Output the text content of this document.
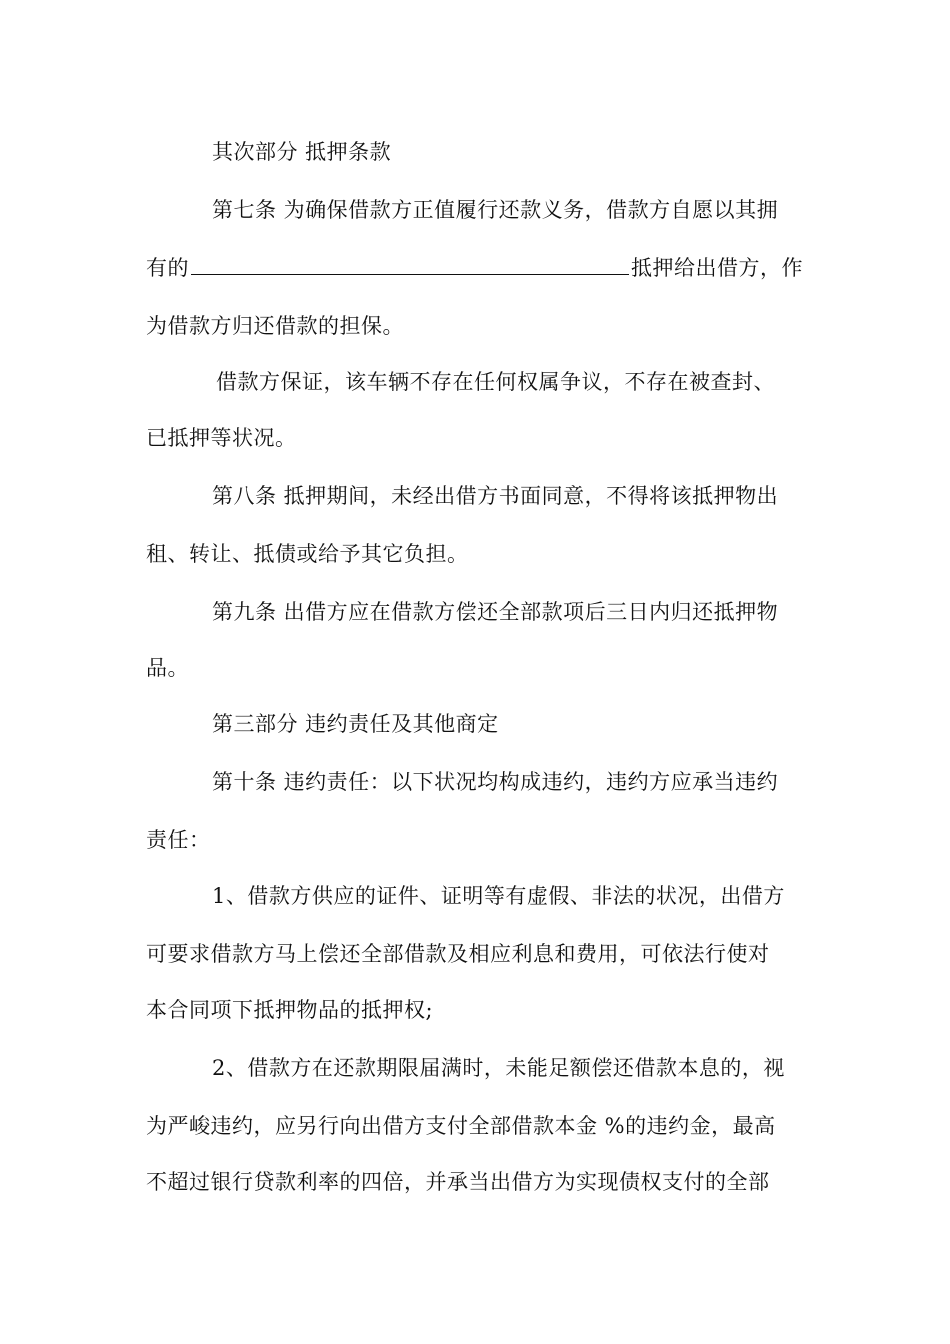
其次部分 抵押条款
第七条 为确保借款方正值履行还款义务，借款方自愿以其拥
有的	抵押给出借方，作
为借款方归还借款的担保。
借款方保证，该车辆不存在任何权属争议，不存在被查封、
已抵押等状况。
第八条 抵押期间，未经出借方书面同意，不得将该抵押物出
租、转让、抵债或给予其它负担。
第九条 出借方应在借款方偿还全部款项后三日内归还抵押物
品。
第三部分 违约责任及其他商定
第十条 违约责任：以下状况均构成违约，违约方应承当违约
责任：
1、借款方供应的证件、证明等有虚假、非法的状况，出借方
可要求借款方马上偿还全部借款及相应利息和费用，可依法行使对
本合同项下抵押物品的抵押权;
2、借款方在还款期限届满时，未能足额偿还借款本息的，视
为严峻违约，应另行向出借方支付全部借款本金 %的违约金，最高
不超过银行贷款利率的四倍，并承当出借方为实现债权支付的全部
